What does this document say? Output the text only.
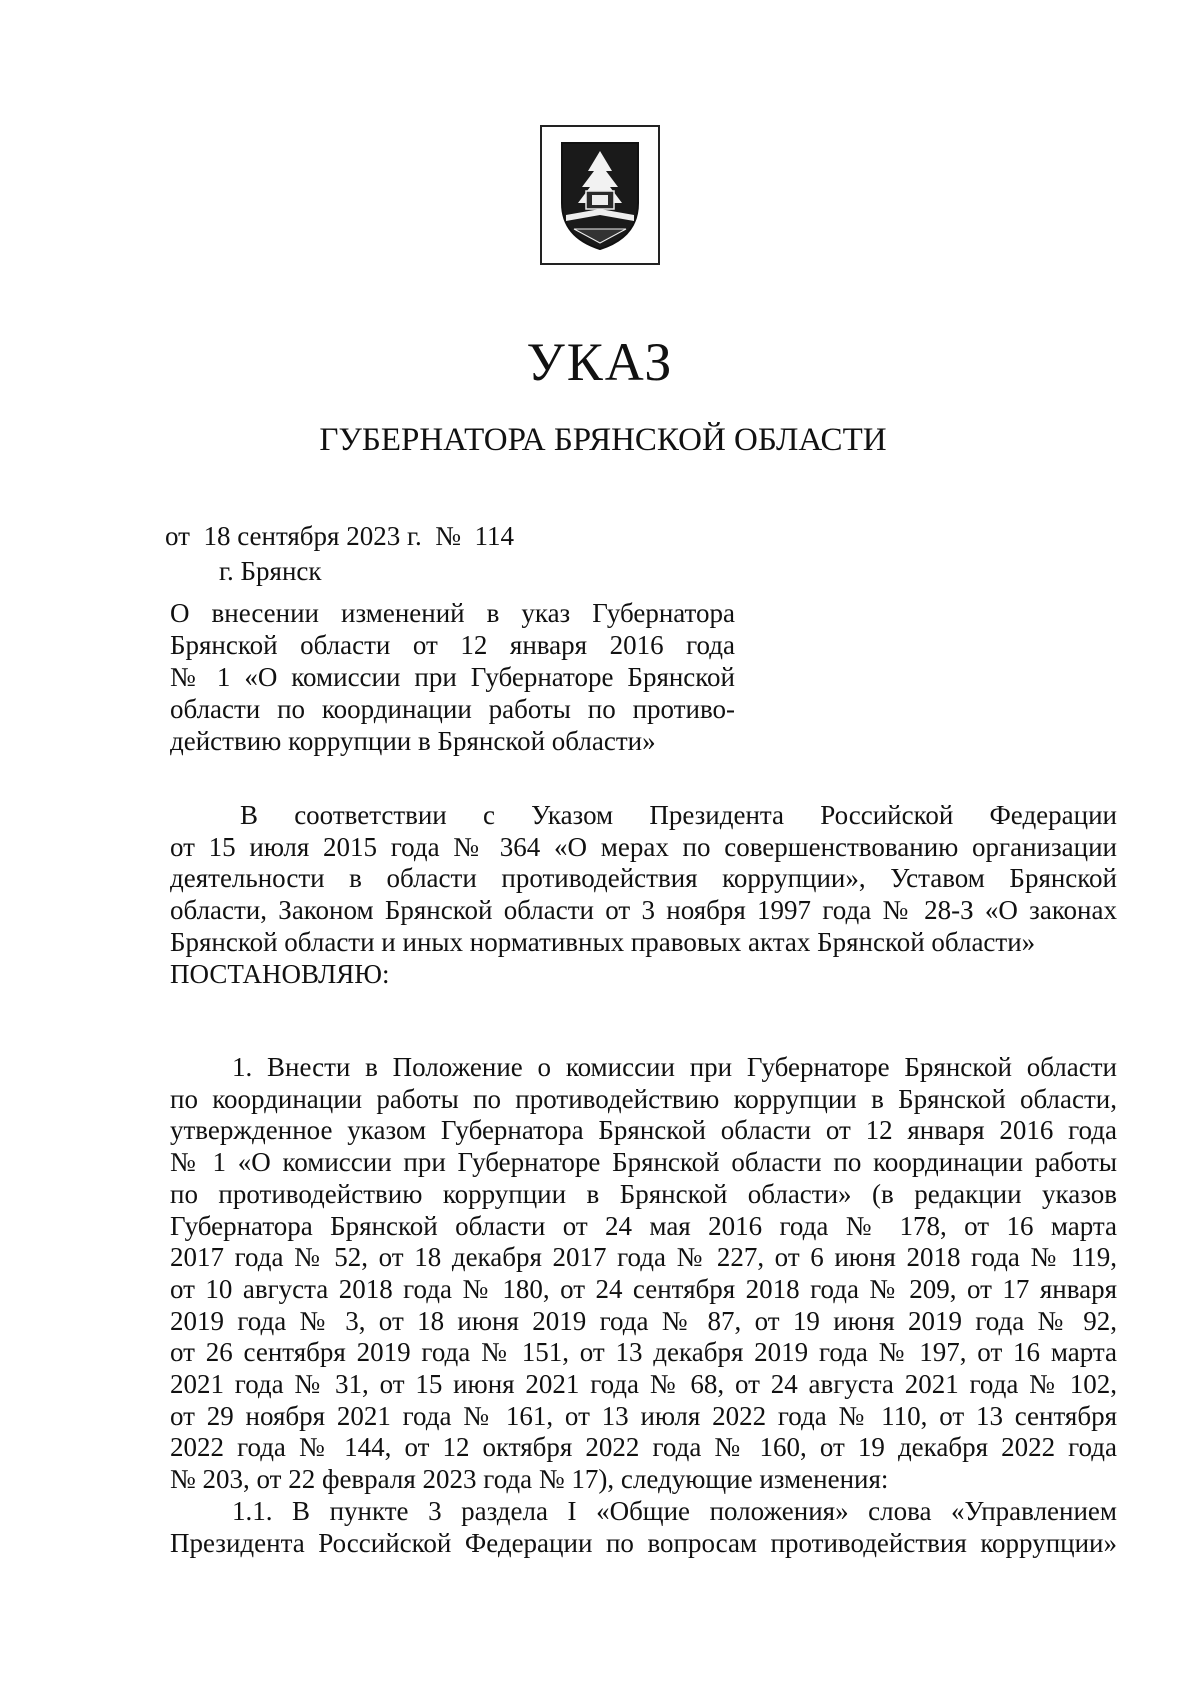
УКАЗ
ГУБЕРНАТОРА БРЯНСКОЙ ОБЛАСТИ
от  18 сентября 2023 г.  №  114
г. Брянск
О внесении изменений в указ Губернатора
Брянской области от 12 января 2016 года
№ 1 «О комиссии при Губернаторе Брянской
области по координации работы по противо-
действию коррупции в Брянской области»
В соответствии с Указом Президента Российской Федерации
от 15 июля 2015 года № 364 «О мерах по совершенствованию организации
деятельности в области противодействия коррупции», Уставом Брянской
области, Законом Брянской области от 3 ноября 1997 года № 28-З «О законах
Брянской области и иных нормативных правовых актах Брянской области»
ПОСТАНОВЛЯЮ:
1. Внести в Положение о комиссии при Губернаторе Брянской области
по координации работы по противодействию коррупции в Брянской области,
утвержденное указом Губернатора Брянской области от 12 января 2016 года
№ 1 «О комиссии при Губернаторе Брянской области по координации работы
по противодействию коррупции в Брянской области» (в редакции указов
Губернатора Брянской области от 24 мая 2016 года № 178, от 16 марта
2017 года № 52, от 18 декабря 2017 года № 227, от 6 июня 2018 года № 119,
от 10 августа 2018 года № 180, от 24 сентября 2018 года № 209, от 17 января
2019 года № 3, от 18 июня 2019 года № 87, от 19 июня 2019 года № 92,
от 26 сентября 2019 года № 151, от 13 декабря 2019 года № 197, от 16 марта
2021 года № 31, от 15 июня 2021 года № 68, от 24 августа 2021 года № 102,
от 29 ноября 2021 года № 161, от 13 июля 2022 года № 110, от 13 сентября
2022 года № 144, от 12 октября 2022 года № 160, от 19 декабря 2022 года
№ 203, от 22 февраля 2023 года № 17), следующие изменения:
1.1. В пункте 3 раздела I «Общие положения» слова «Управлением
Президента Российской Федерации по вопросам противодействия коррупции»
